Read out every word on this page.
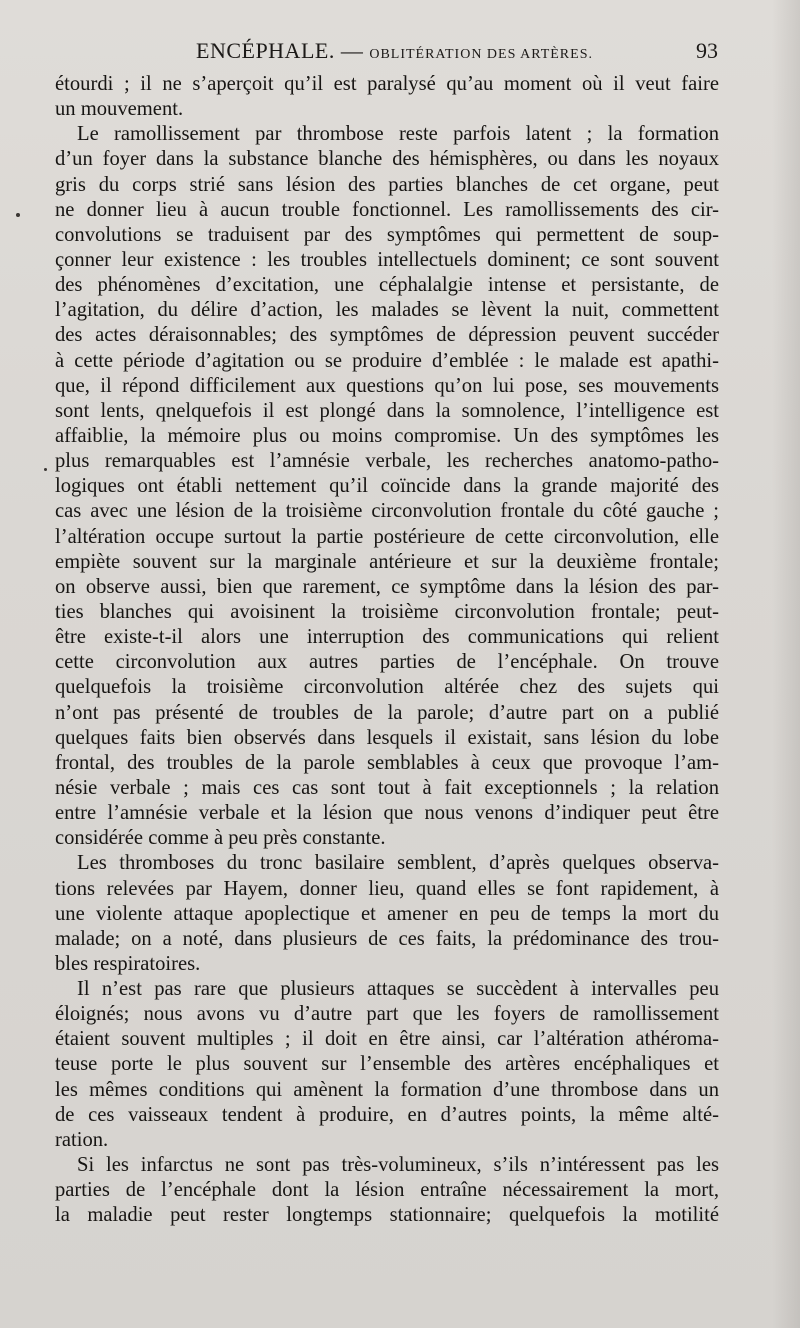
ENCÉPHALE. — OBLITÉRATION DES ARTÈRES.	93
étourdi ; il ne s’aperçoit qu’il est paralysé qu’au moment où il veut faire
un mouvement.
Le ramollissement par thrombose reste parfois latent ; la formation
d’un foyer dans la substance blanche des hémisphères, ou dans les noyaux
gris du corps strié sans lésion des parties blanches de cet organe, peut
ne donner lieu à aucun trouble fonctionnel. Les ramollissements des cir-
convolutions se traduisent par des symptômes qui permettent de soup-
çonner leur existence : les troubles intellectuels dominent; ce sont souvent
des phénomènes d’excitation, une céphalalgie intense et persistante, de
l’agitation, du délire d’action, les malades se lèvent la nuit, commettent
des actes déraisonnables; des symptômes de dépression peuvent succéder
à cette période d’agitation ou se produire d’emblée : le malade est apathi-
que, il répond difficilement aux questions qu’on lui pose, ses mouvements
sont lents, qnelquefois il est plongé dans la somnolence, l’intelligence est
affaiblie, la mémoire plus ou moins compromise. Un des symptômes les
plus remarquables est l’amnésie verbale, les recherches anatomo-patho-
logiques ont établi nettement qu’il coïncide dans la grande majorité des
cas avec une lésion de la troisième circonvolution frontale du côté gauche ;
l’altération occupe surtout la partie postérieure de cette circonvolution, elle
empiète souvent sur la marginale antérieure et sur la deuxième frontale;
on observe aussi, bien que rarement, ce symptôme dans la lésion des par-
ties blanches qui avoisinent la troisième circonvolution frontale; peut-
être existe-t-il alors une interruption des communications qui relient
cette circonvolution aux autres parties de l’encéphale. On trouve
quelquefois la troisième circonvolution altérée chez des sujets qui
n’ont pas présenté de troubles de la parole; d’autre part on a publié
quelques faits bien observés dans lesquels il existait, sans lésion du lobe
frontal, des troubles de la parole semblables à ceux que provoque l’am-
nésie verbale ; mais ces cas sont tout à fait exceptionnels ; la relation
entre l’amnésie verbale et la lésion que nous venons d’indiquer peut être
considérée comme à peu près constante.
Les thromboses du tronc basilaire semblent, d’après quelques observa-
tions relevées par Hayem, donner lieu, quand elles se font rapidement, à
une violente attaque apoplectique et amener en peu de temps la mort du
malade; on a noté, dans plusieurs de ces faits, la prédominance des trou-
bles respiratoires.
Il n’est pas rare que plusieurs attaques se succèdent à intervalles peu
éloignés; nous avons vu d’autre part que les foyers de ramollissement
étaient souvent multiples ; il doit en être ainsi, car l’altération athéroma-
teuse porte le plus souvent sur l’ensemble des artères encéphaliques et
les mêmes conditions qui amènent la formation d’une thrombose dans un
de ces vaisseaux tendent à produire, en d’autres points, la même alté-
ration.
Si les infarctus ne sont pas très-volumineux, s’ils n’intéressent pas les
parties de l’encéphale dont la lésion entraîne nécessairement la mort,
la maladie peut rester longtemps stationnaire; quelquefois la motilité
